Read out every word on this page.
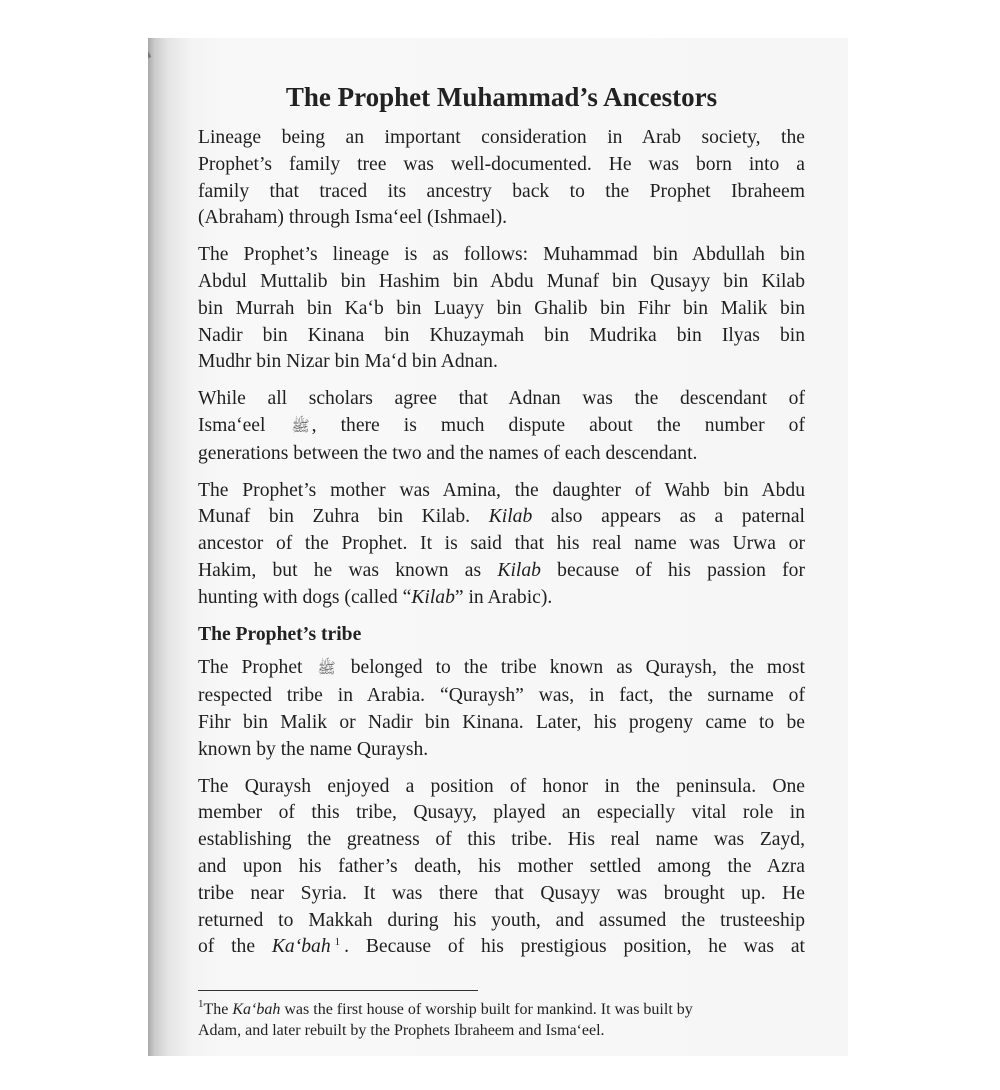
The Prophet Muhammad’s Ancestors
Lineage being an important consideration in Arab society, the
Prophet’s family tree was well-documented. He was born into a
family that traced its ancestry back to the Prophet Ibraheem
(Abraham) through Isma‘eel (Ishmael).
The Prophet’s lineage is as follows: Muhammad bin Abdullah bin
Abdul Muttalib bin Hashim bin Abdu Munaf bin Qusayy bin Kilab
bin Murrah bin Ka‘b bin Luayy bin Ghalib bin Fihr bin Malik bin
Nadir bin Kinana bin Khuzaymah bin Mudrika bin Ilyas bin
Mudhr bin Nizar bin Ma‘d bin Adnan.
While all scholars agree that Adnan was the descendant of
Isma‘eel ﷺ , there is much dispute about the number of
generations between the two and the names of each descendant.
The Prophet’s mother was Amina, the daughter of Wahb bin Abdu
Munaf bin Zuhra bin Kilab. Kilab also appears as a paternal
ancestor of the Prophet. It is said that his real name was Urwa or
Hakim, but he was known as Kilab because of his passion for
hunting with dogs (called “Kilab” in Arabic).
The Prophet’s tribe
The Prophet ﷺ belonged to the tribe known as Quraysh, the most
respected tribe in Arabia. “Quraysh” was, in fact, the surname of
Fihr bin Malik or Nadir bin Kinana. Later, his progeny came to be
known by the name Quraysh.
The Quraysh enjoyed a position of honor in the peninsula. One
member of this tribe, Qusayy, played an especially vital role in
establishing the greatness of this tribe. His real name was Zayd,
and upon his father’s death, his mother settled among the Azra
tribe near Syria. It was there that Qusayy was brought up. He
returned to Makkah during his youth, and assumed the trusteeship
of the Ka‘bah $^1$ . Because of his prestigious position, he was at
$^1$The Ka‘bah was the first house of worship built for mankind. It was built by
Adam, and later rebuilt by the Prophets Ibraheem and Isma‘eel.
